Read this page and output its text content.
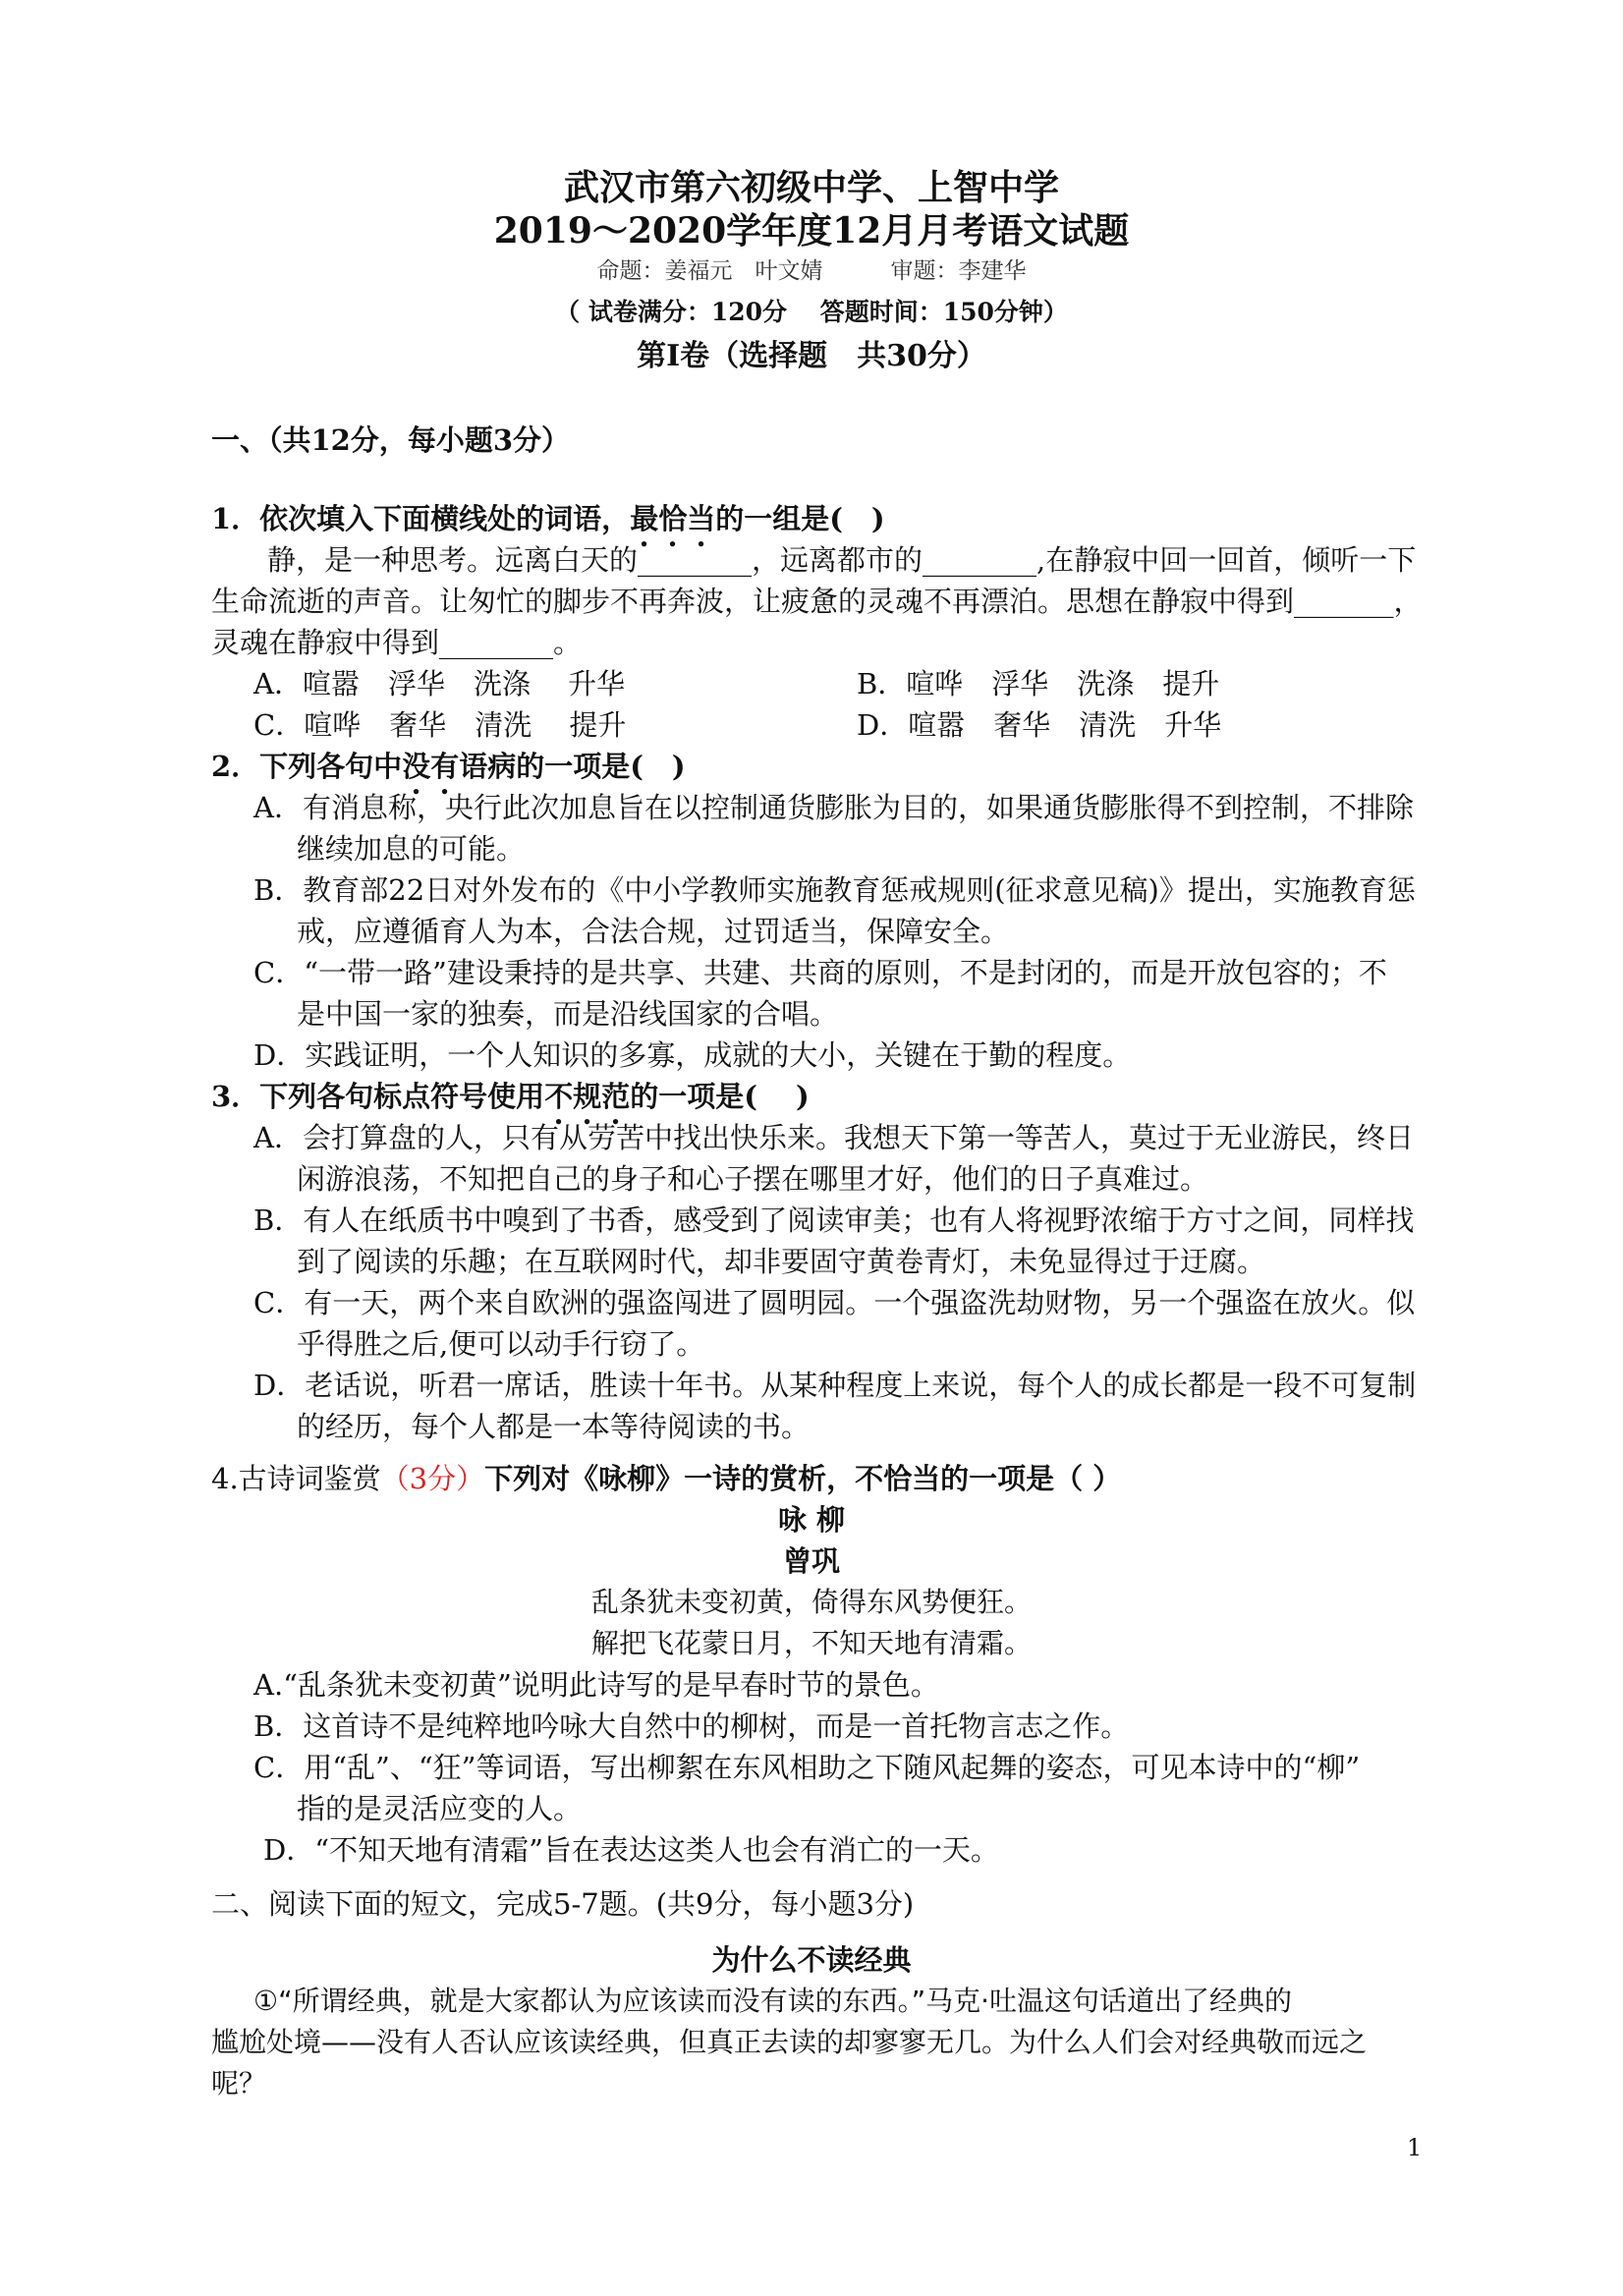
武汉市第六初级中学、上智中学
2019～2020学年度12月月考语文试题
命题：姜福元　叶文婧　　　审题：李建华
（ 试卷满分：120分　 答题时间：150分钟）
第Ⅰ卷（选择题　共30分）
一、（共12分，每小题3分）
1．依次填入下面横线处的词语，最恰当的一组是(　)
静，是一种思考。远离白天的________，远离都市的________,在静寂中回一回首，倾听一下
生命流逝的声音。让匆忙的脚步不再奔波，让疲惫的灵魂不再漂泊。思想在静寂中得到_______，
灵魂在静寂中得到________。
A．喧嚣　浮华　洗涤　 升华	B．喧哗　浮华　洗涤　提升
C．喧哗　奢华　清洗　 提升	D．喧嚣　奢华　清洗　升华
2．下列各句中没有语病的一项是(　)
A．有消息称，央行此次加息旨在以控制通货膨胀为目的，如果通货膨胀得不到控制，不排除
继续加息的可能。
B．教育部22日对外发布的《中小学教师实施教育惩戒规则(征求意见稿)》提出，实施教育惩
戒，应遵循育人为本，合法合规，过罚适当，保障安全。
C．“一带一路”建设秉持的是共享、共建、共商的原则，不是封闭的，而是开放包容的；不
是中国一家的独奏，而是沿线国家的合唱。
D．实践证明，一个人知识的多寡，成就的大小，关键在于勤的程度。
3．下列各句标点符号使用不规范的一项是(　 )
A．会打算盘的人，只有从劳苦中找出快乐来。我想天下第一等苦人，莫过于无业游民，终日
闲游浪荡，不知把自己的身子和心子摆在哪里才好，他们的日子真难过。
B．有人在纸质书中嗅到了书香，感受到了阅读审美；也有人将视野浓缩于方寸之间，同样找
到了阅读的乐趣；在互联网时代，却非要固守黄卷青灯，未免显得过于迂腐。
C．有一天，两个来自欧洲的强盗闯进了圆明园。一个强盗洗劫财物，另一个强盗在放火。似
乎得胜之后,便可以动手行窃了。
D．老话说，听君一席话，胜读十年书。从某种程度上来说，每个人的成长都是一段不可复制
的经历，每个人都是一本等待阅读的书。
4.古诗词鉴赏（3分）下列对《咏柳》一诗的赏析，不恰当的一项是（ ）
咏 柳
曾巩
乱条犹未变初黄，倚得东风势便狂。
解把飞花蒙日月，不知天地有清霜。
A.“乱条犹未变初黄”说明此诗写的是早春时节的景色。
B．这首诗不是纯粹地吟咏大自然中的柳树，而是一首托物言志之作。
C．用“乱”、“狂”等词语，写出柳絮在东风相助之下随风起舞的姿态，可见本诗中的“柳”
指的是灵活应变的人。
D．“不知天地有清霜”旨在表达这类人也会有消亡的一天。
二、阅读下面的短文，完成5-7题。(共9分，每小题3分)
为什么不读经典
①“所谓经典，就是大家都认为应该读而没有读的东西。”马克·吐温这句话道出了经典的
尴尬处境——没有人否认应该读经典，但真正去读的却寥寥无几。为什么人们会对经典敬而远之
呢？
1
